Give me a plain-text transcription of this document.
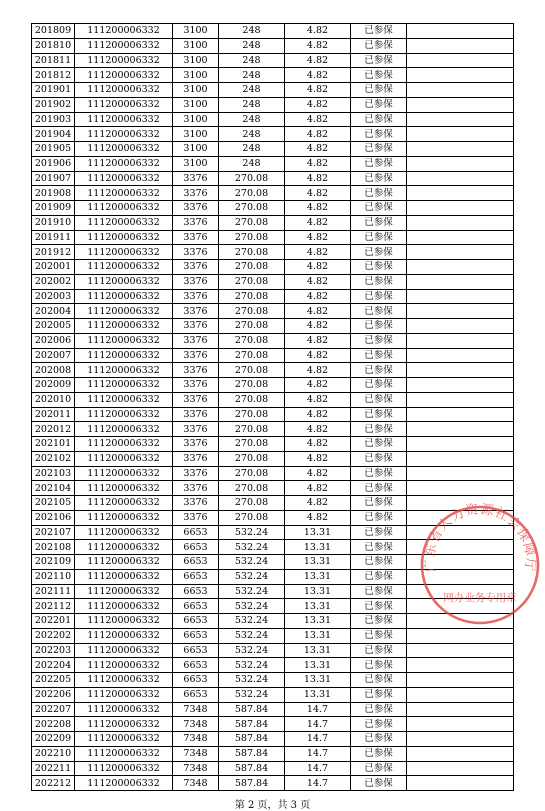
201809	111200006332	3100	248	4.82	已参保	
201810	111200006332	3100	248	4.82	已参保	
201811	111200006332	3100	248	4.82	已参保	
201812	111200006332	3100	248	4.82	已参保	
201901	111200006332	3100	248	4.82	已参保	
201902	111200006332	3100	248	4.82	已参保	
201903	111200006332	3100	248	4.82	已参保	
201904	111200006332	3100	248	4.82	已参保	
201905	111200006332	3100	248	4.82	已参保	
201906	111200006332	3100	248	4.82	已参保	
201907	111200006332	3376	270.08	4.82	已参保	
201908	111200006332	3376	270.08	4.82	已参保	
201909	111200006332	3376	270.08	4.82	已参保	
201910	111200006332	3376	270.08	4.82	已参保	
201911	111200006332	3376	270.08	4.82	已参保	
201912	111200006332	3376	270.08	4.82	已参保	
202001	111200006332	3376	270.08	4.82	已参保	
202002	111200006332	3376	270.08	4.82	已参保	
202003	111200006332	3376	270.08	4.82	已参保	
202004	111200006332	3376	270.08	4.82	已参保	
202005	111200006332	3376	270.08	4.82	已参保	
202006	111200006332	3376	270.08	4.82	已参保	
202007	111200006332	3376	270.08	4.82	已参保	
202008	111200006332	3376	270.08	4.82	已参保	
202009	111200006332	3376	270.08	4.82	已参保	
202010	111200006332	3376	270.08	4.82	已参保	
202011	111200006332	3376	270.08	4.82	已参保	
202012	111200006332	3376	270.08	4.82	已参保	
202101	111200006332	3376	270.08	4.82	已参保	
202102	111200006332	3376	270.08	4.82	已参保	
202103	111200006332	3376	270.08	4.82	已参保	
202104	111200006332	3376	270.08	4.82	已参保	
202105	111200006332	3376	270.08	4.82	已参保	
202106	111200006332	3376	270.08	4.82	已参保	
202107	111200006332	6653	532.24	13.31	已参保	
202108	111200006332	6653	532.24	13.31	已参保	
202109	111200006332	6653	532.24	13.31	已参保	
202110	111200006332	6653	532.24	13.31	已参保	
202111	111200006332	6653	532.24	13.31	已参保	
202112	111200006332	6653	532.24	13.31	已参保	
202201	111200006332	6653	532.24	13.31	已参保	
202202	111200006332	6653	532.24	13.31	已参保	
202203	111200006332	6653	532.24	13.31	已参保	
202204	111200006332	6653	532.24	13.31	已参保	
202205	111200006332	6653	532.24	13.31	已参保	
202206	111200006332	6653	532.24	13.31	已参保	
202207	111200006332	7348	587.84	14.7	已参保	
202208	111200006332	7348	587.84	14.7	已参保	
202209	111200006332	7348	587.84	14.7	已参保	
202210	111200006332	7348	587.84	14.7	已参保	
202211	111200006332	7348	587.84	14.7	已参保	
202212	111200006332	7348	587.84	14.7	已参保	
第 2 页，共 3 页
广东省人力资源社会保障厅
网办业务专用章
